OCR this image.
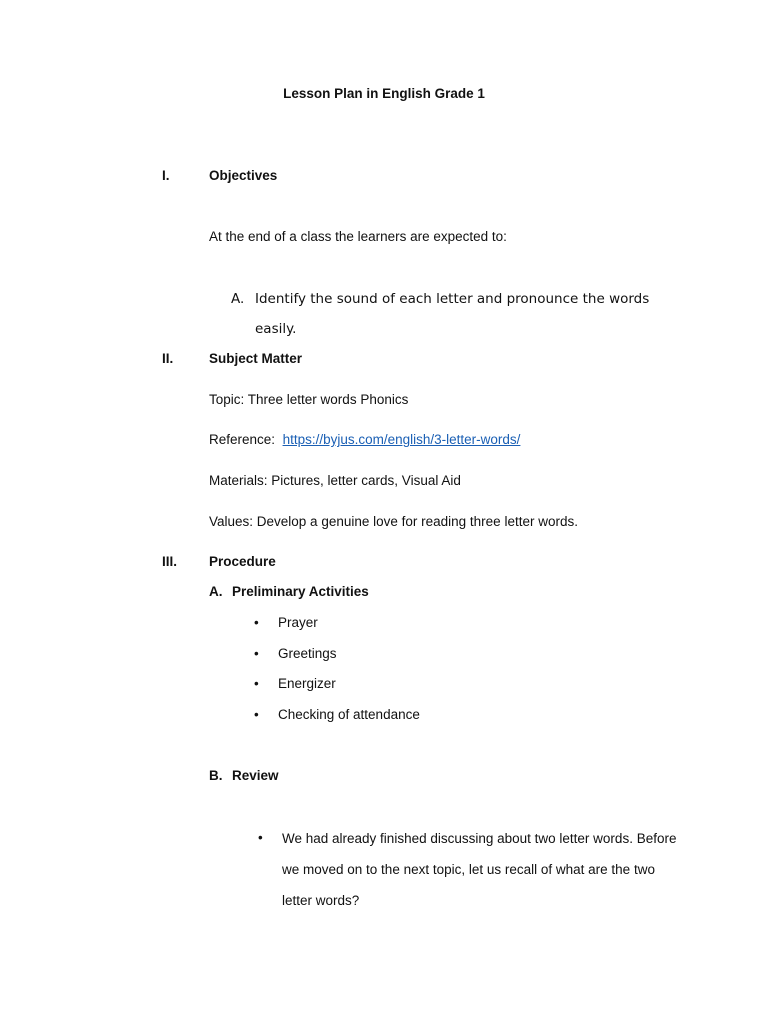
Lesson Plan in English Grade 1
I.	Objectives
At the end of a class the learners are expected to:
A. Identify the sound of each letter and pronounce the words easily.
II.	Subject Matter
Topic: Three letter words Phonics
Reference: https://byjus.com/english/3-letter-words/
Materials: Pictures, letter cards, Visual Aid
Values: Develop a genuine love for reading three letter words.
III. Procedure
A. Preliminary Activities
• Prayer
• Greetings
• Energizer
• Checking of attendance
B. Review
• We had already finished discussing about two letter words. Before we moved on to the next topic, let us recall of what are the two letter words?
